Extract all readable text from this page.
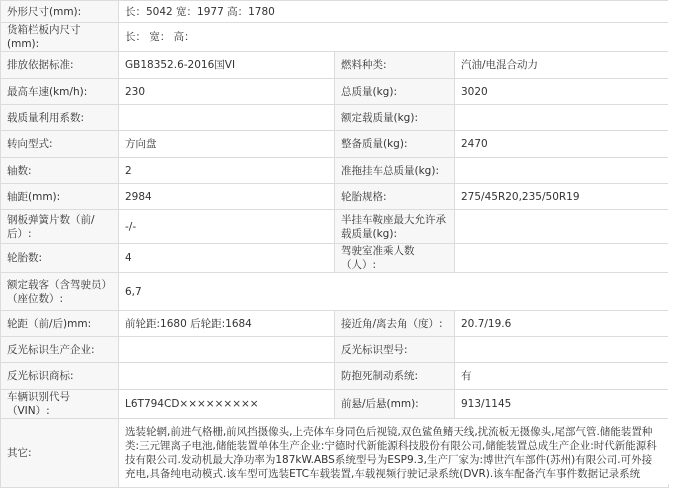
外形尺寸(mm):	长：5042 宽：1977 高：1780		
货箱栏板内尺寸(mm):	长： 宽： 高：		
排放依据标准:	GB18352.6-2016国VI	燃料种类:	汽油/电混合动力
最高车速(km/h):	230	总质量(kg):	3020
载质量利用系数:		额定载质量(kg):	
转向型式:	方向盘	整备质量(kg):	2470
轴数:	2	准拖挂车总质量(kg):	
轴距(mm):	2984	轮胎规格:	275/45R20,235/50R19
钢板弹簧片数（前/后）:	-/-	半挂车鞍座最大允许承载质量(kg):	
轮胎数:	4	驾驶室准乘人数（人）:	
额定载客（含驾驶员）（座位数）:	6,7		
轮距（前/后)mm:	前轮距:1680 后轮距:1684	接近角/离去角（度）:	20.7/19.6
反光标识生产企业:		反光标识型号:	
反光标识商标:		防抱死制动系统:	有
车辆识别代号（VIN）:	L6T794CD×××××××××	前悬/后悬(mm):	913/1145
其它:	选装轮辋,前进气格栅,前风挡摄像头,上壳体车身同色后视镜,双色鲨鱼鳍天线,扰流板无摄像头,尾部气管.储能装置种类:三元锂离子电池,储能装置单体生产企业:宁德时代新能源科技股份有限公司,储能装置总成生产企业:时代新能源科技有限公司.发动机最大净功率为187kW.ABS系统型号为ESP9.3,生产厂家为:博世汽车部件(苏州)有限公司.可外接充电,具备纯电动模式.该车型可选装ETC车载装置,车载视频行驶记录系统(DVR).该车配备汽车事件数据记录系统		
